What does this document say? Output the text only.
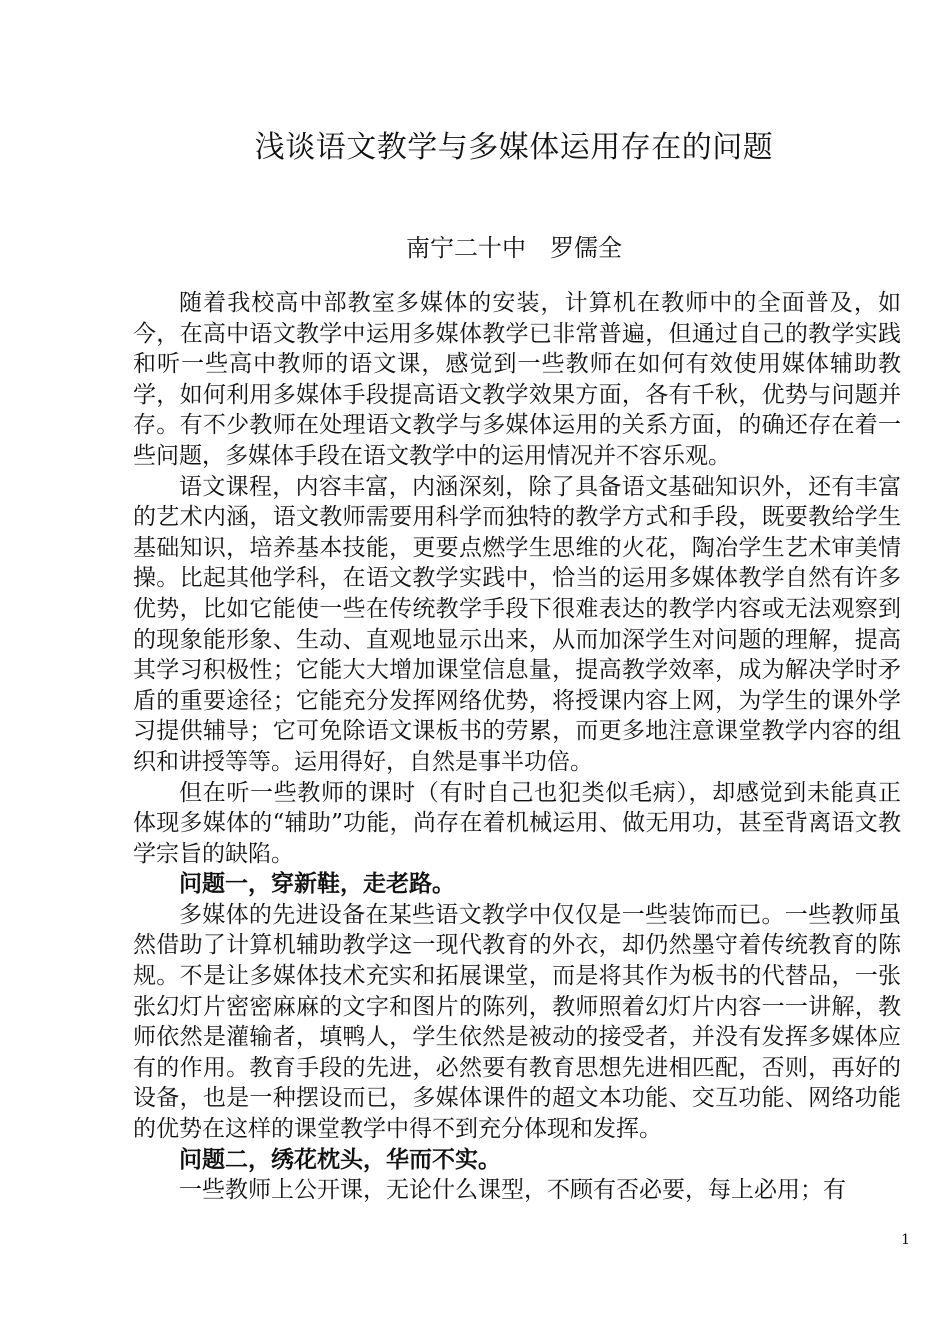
浅谈语文教学与多媒体运用存在的问题
南宁二十中　罗儒全

随着我校高中部教室多媒体的安装，计算机在教师中的全面普及，如今，在高中语文教学中运用多媒体教学已非常普遍，但通过自己的教学实践和听一些高中教师的语文课，感觉到一些教师在如何有效使用媒体辅助教学，如何利用多媒体手段提高语文教学效果方面，各有千秋，优势与问题并存。有不少教师在处理语文教学与多媒体运用的关系方面，的确还存在着一些问题，多媒体手段在语文教学中的运用情况并不容乐观。

语文课程，内容丰富，内涵深刻，除了具备语文基础知识外，还有丰富的艺术内涵，语文教师需要用科学而独特的教学方式和手段，既要教给学生基础知识，培养基本技能，更要点燃学生思维的火花，陶冶学生艺术审美情操。比起其他学科，在语文教学实践中，恰当的运用多媒体教学自然有许多优势，比如它能使一些在传统教学手段下很难表达的教学内容或无法观察到的现象能形象、生动、直观地显示出来，从而加深学生对问题的理解，提高其学习积极性；它能大大增加课堂信息量，提高教学效率，成为解决学时矛盾的重要途径；它能充分发挥网络优势，将授课内容上网，为学生的课外学习提供辅导；它可免除语文课板书的劳累，而更多地注意课堂教学内容的组织和讲授等等。运用得好，自然是事半功倍。

但在听一些教师的课时（有时自己也犯类似毛病），却感觉到未能真正体现多媒体的“辅助”功能，尚存在着机械运用、做无用功，甚至背离语文教学宗旨的缺陷。

问题一，穿新鞋，走老路。

多媒体的先进设备在某些语文教学中仅仅是一些装饰而已。一些教师虽然借助了计算机辅助教学这一现代教育的外衣，却仍然墨守着传统教育的陈规。不是让多媒体技术充实和拓展课堂，而是将其作为板书的代替品，一张张幻灯片密密麻麻的文字和图片的陈列，教师照着幻灯片内容一一讲解，教师依然是灌输者，填鸭人，学生依然是被动的接受者，并没有发挥多媒体应有的作用。教育手段的先进，必然要有教育思想先进相匹配，否则，再好的设备，也是一种摆设而已，多媒体课件的超文本功能、交互功能、网络功能的优势在这样的课堂教学中得不到充分体现和发挥。

问题二，绣花枕头，华而不实。

一些教师上公开课，无论什么课型，不顾有否必要，每上必用；有

1
